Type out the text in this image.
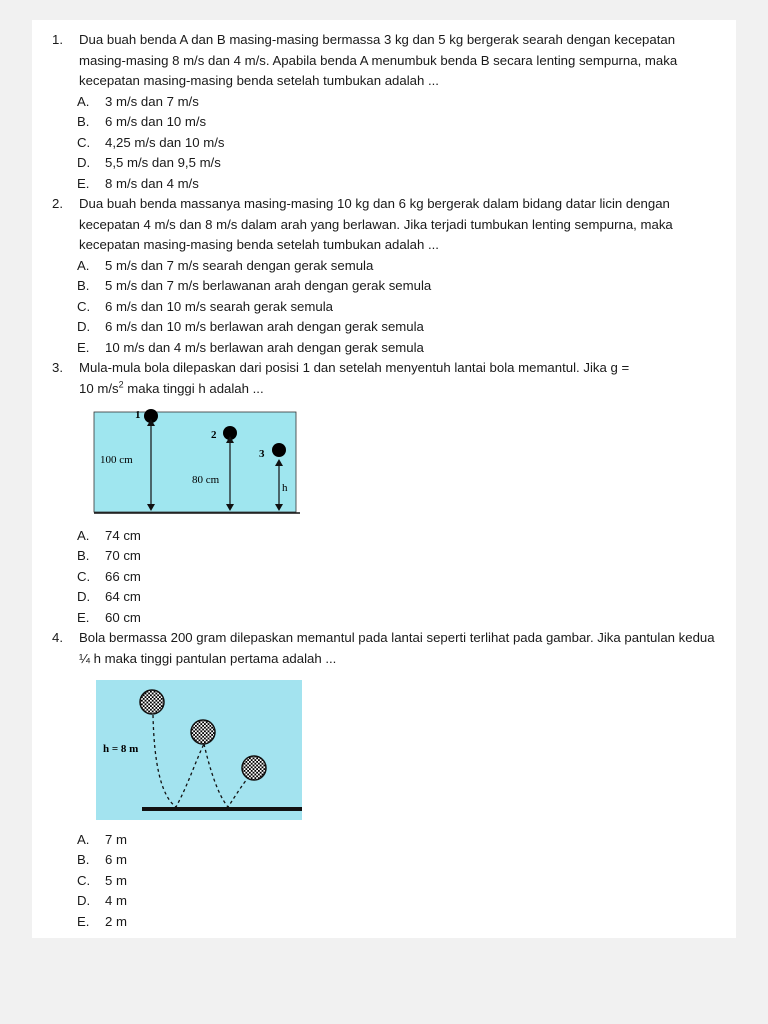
1.	Dua buah benda A dan B masing-masing bermassa 3 kg dan 5 kg bergerak searah dengan kecepatan masing-masing 8 m/s dan 4 m/s. Apabila benda A menumbuk benda B secara lenting sempurna, maka kecepatan masing-masing benda setelah tumbukan adalah ...
A.	3 m/s dan 7 m/s
B.	6 m/s dan 10 m/s
C.	4,25 m/s dan 10 m/s
D.	5,5 m/s dan 9,5 m/s
E.	8 m/s dan 4 m/s
2.	Dua buah benda massanya masing-masing 10 kg dan 6 kg bergerak dalam bidang datar licin dengan kecepatan 4 m/s dan 8 m/s dalam arah yang berlawan. Jika terjadi tumbukan lenting sempurna, maka kecepatan masing-masing benda setelah tumbukan adalah ...
A.	5 m/s dan 7 m/s searah dengan gerak semula
B.	5 m/s dan 7 m/s berlawanan arah dengan gerak semula
C.	6 m/s dan 10 m/s searah gerak semula
D.	6 m/s dan 10 m/s berlawan arah dengan gerak semula
E.	10 m/s dan 4 m/s berlawan arah dengan gerak semula
3.	Mula-mula bola dilepaskan dari posisi 1 dan setelah menyentuh lantai bola memantul. Jika g =
10 $m/s^2$ maka tinggi h adalah ...
1
100 cm
2
80 cm
3
h
A.	74 cm
B.	70 cm
C.	66 cm
D.	64 cm
E.	60 cm
4.	Bola bermassa 200 gram dilepaskan memantul pada lantai seperti terlihat pada gambar. Jika pantulan kedua ¼ h maka tinggi pantulan pertama adalah ...
h = 8 m
A.	7 m
B.	6 m
C.	5 m
D.	4 m
E.	2 m
